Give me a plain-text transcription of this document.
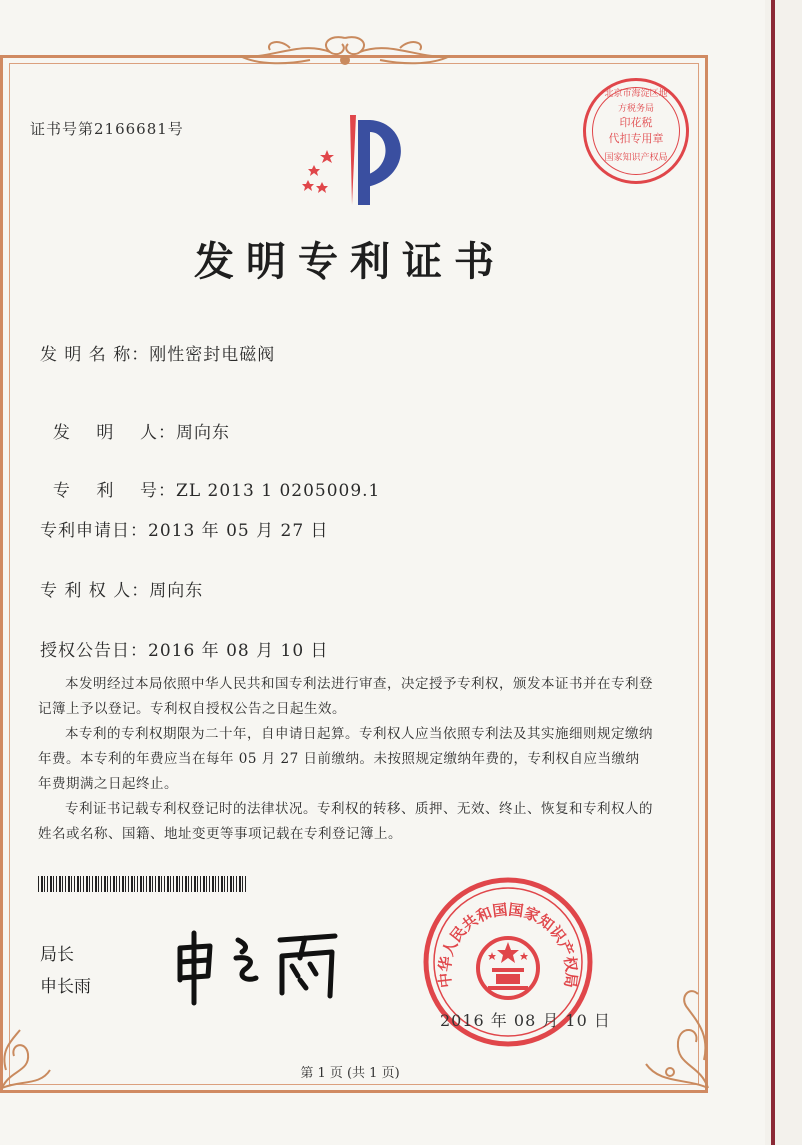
证书号第2166681号
北京市海淀区地方税务局
印花税
代扣专用章
国家知识产权局
发明专利证书
发 明 名 称：刚性密封电磁阀

发    明    人：周向东

专    利    号：ZL 2013 1 0205009.1

专利申请日：2013 年 05 月 27 日
专 利 权 人：周向东
授权公告日：2016 年 08 月 10 日

本发明经过本局依照中华人民共和国专利法进行审查，决定授予专利权，颁发本证书并在专利登记簿上予以登记。专利权自授权公告之日起生效。

本专利的专利权期限为二十年，自申请日起算。专利权人应当依照专利法及其实施细则规定缴纳年费。本专利的年费应当在每年 05 月 27 日前缴纳。未按照规定缴纳年费的，专利权自应当缴纳年费期满之日起终止。

专利证书记载专利权登记时的法律状况。专利权的转移、质押、无效、终止、恢复和专利权人的姓名或名称、国籍、地址变更等事项记载在专利登记簿上。

局长
申长雨	中华人民共和国国家知识产权局
2016 年 08 月 10 日
第 1 页 (共 1 页)
